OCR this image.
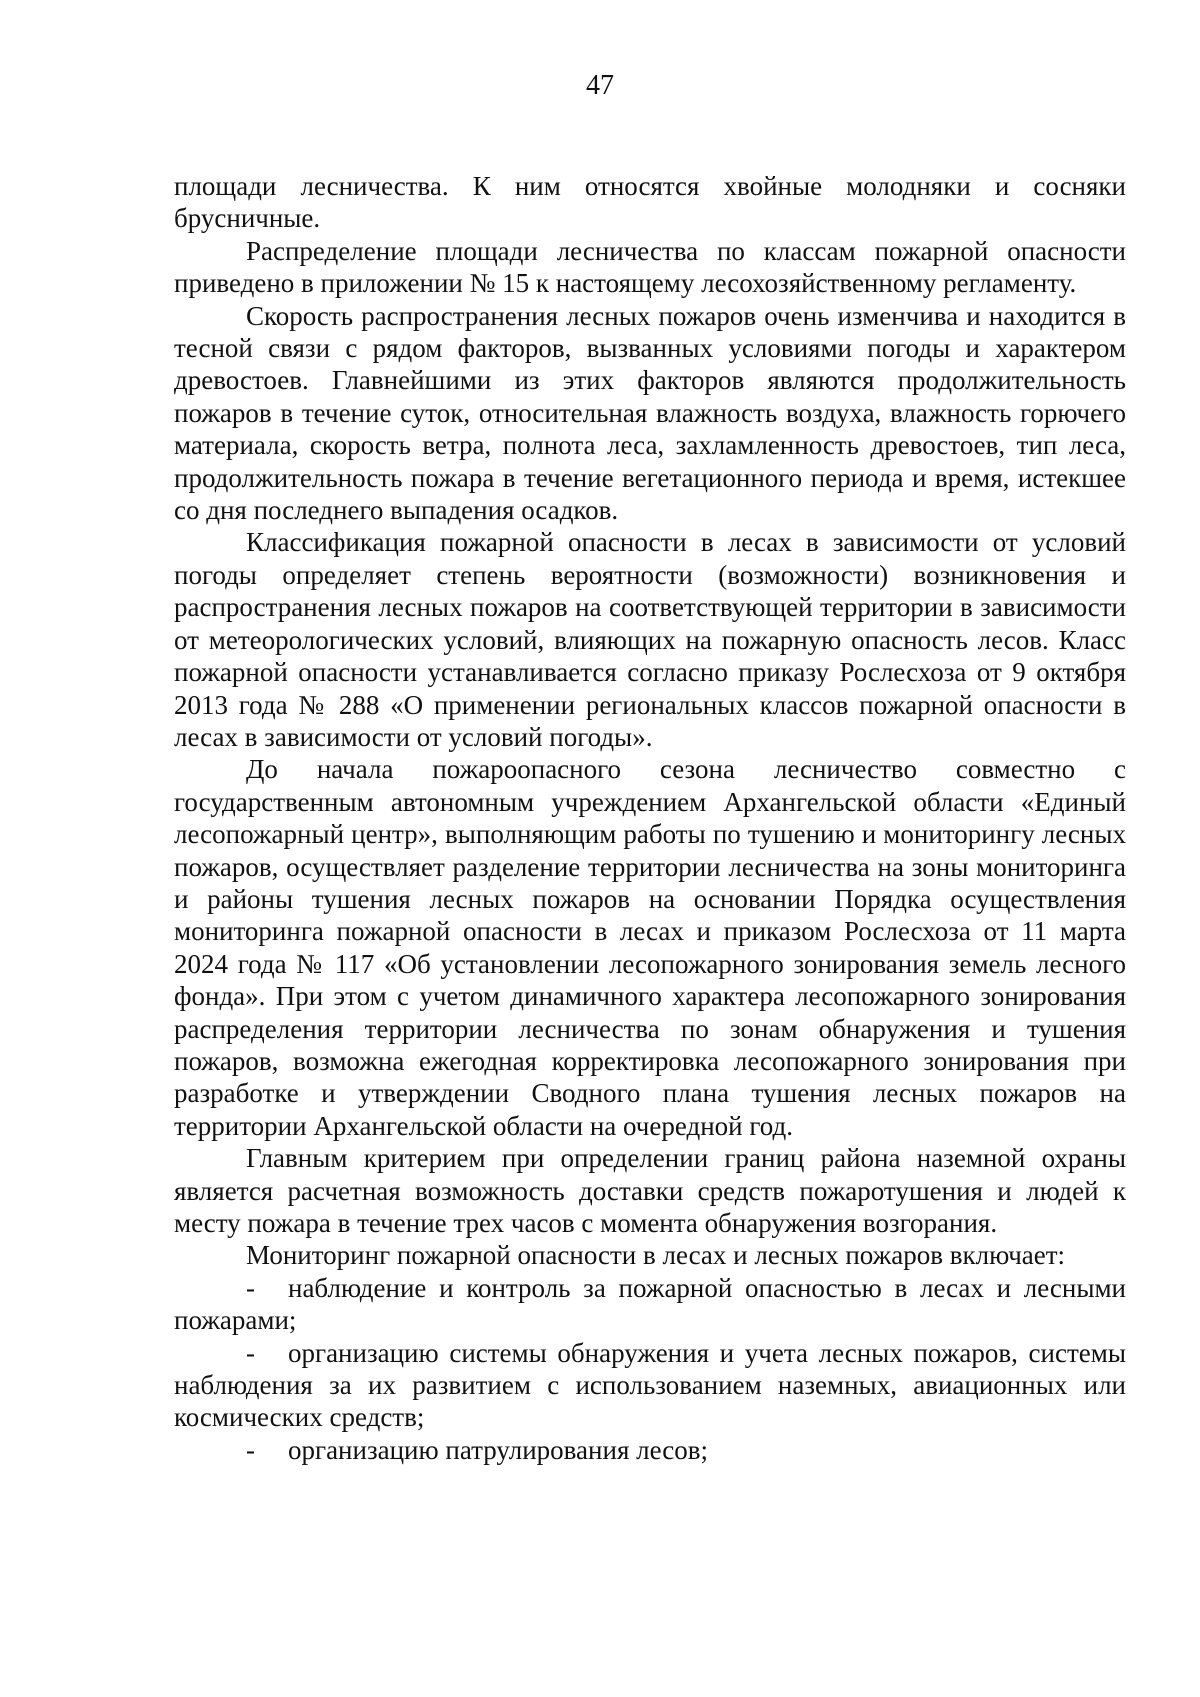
47

площади лесничества. К ним относятся хвойные молодняки и сосняки брусничные.

Распределение площади лесничества по классам пожарной опасности приведено в приложении № 15 к настоящему лесохозяйственному регламенту.

Скорость распространения лесных пожаров очень изменчива и находится в тесной связи с рядом факторов, вызванных условиями погоды и характером древостоев. Главнейшими из этих факторов являются продолжительность пожаров в течение суток, относительная влажность воздуха, влажность горючего материала, скорость ветра, полнота леса, захламленность древостоев, тип леса, продолжительность пожара в течение вегетационного периода и время, истекшее со дня последнего выпадения осадков.

Классификация пожарной опасности в лесах в зависимости от условий погоды определяет степень вероятности (возможности) возникновения и распространения лесных пожаров на соответствующей территории в зависимости от метеорологических условий, влияющих на пожарную опасность лесов. Класс пожарной опасности устанавливается согласно приказу Рослесхоза от 9 октября 2013 года № 288 «О применении региональных классов пожарной опасности в лесах в зависимости от условий погоды».

До начала пожароопасного сезона лесничество совместно с государственным автономным учреждением Архангельской области «Единый лесопожарный центр», выполняющим работы по тушению и мониторингу лесных пожаров, осуществляет разделение территории лесничества на зоны мониторинга и районы тушения лесных пожаров на основании Порядка осуществления мониторинга пожарной опасности в лесах и приказом Рослесхоза от 11 марта 2024 года № 117 «Об установлении лесопожарного зонирования земель лесного фонда». При этом с учетом динамичного характера лесопожарного зонирования распределения территории лесничества по зонам обнаружения и тушения пожаров, возможна ежегодная корректировка лесопожарного зонирования при разработке и утверждении Сводного плана тушения лесных пожаров на территории Архангельской области на очередной год.

Главным критерием при определении границ района наземной охраны является расчетная возможность доставки средств пожаротушения и людей к месту пожара в течение трех часов с момента обнаружения возгорания.

Мониторинг пожарной опасности в лесах и лесных пожаров включает:

- наблюдение и контроль за пожарной опасностью в лесах и лесными пожарами;

- организацию системы обнаружения и учета лесных пожаров, системы наблюдения за их развитием с использованием наземных, авиационных или космических средств;

- организацию патрулирования лесов;
